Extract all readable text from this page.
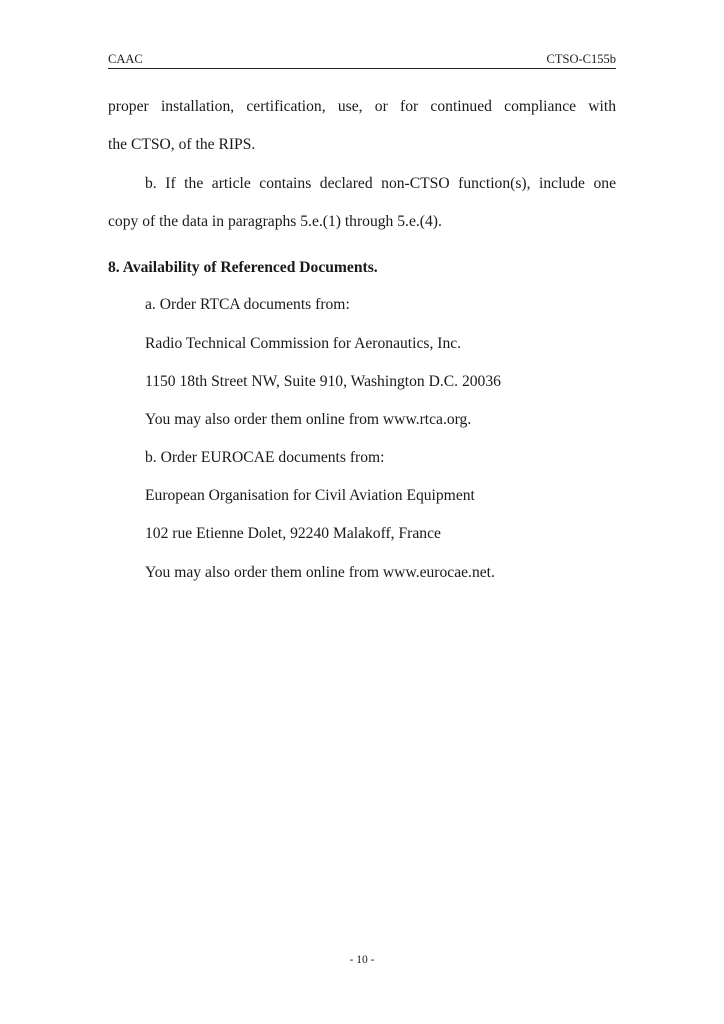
CAAC	CTSO-C155b
proper installation, certification, use, or for continued compliance with
the CTSO, of the RIPS.
b. If the article contains declared non-CTSO function(s), include one
copy of the data in paragraphs 5.e.(1) through 5.e.(4).
8. Availability of Referenced Documents.
a. Order RTCA documents from:
Radio Technical Commission for Aeronautics, Inc.
1150 18th Street NW, Suite 910, Washington D.C. 20036
You may also order them online from www.rtca.org.
b. Order EUROCAE documents from:
European Organisation for Civil Aviation Equipment
102 rue Etienne Dolet, 92240 Malakoff, France
You may also order them online from www.eurocae.net.
- 10 -
